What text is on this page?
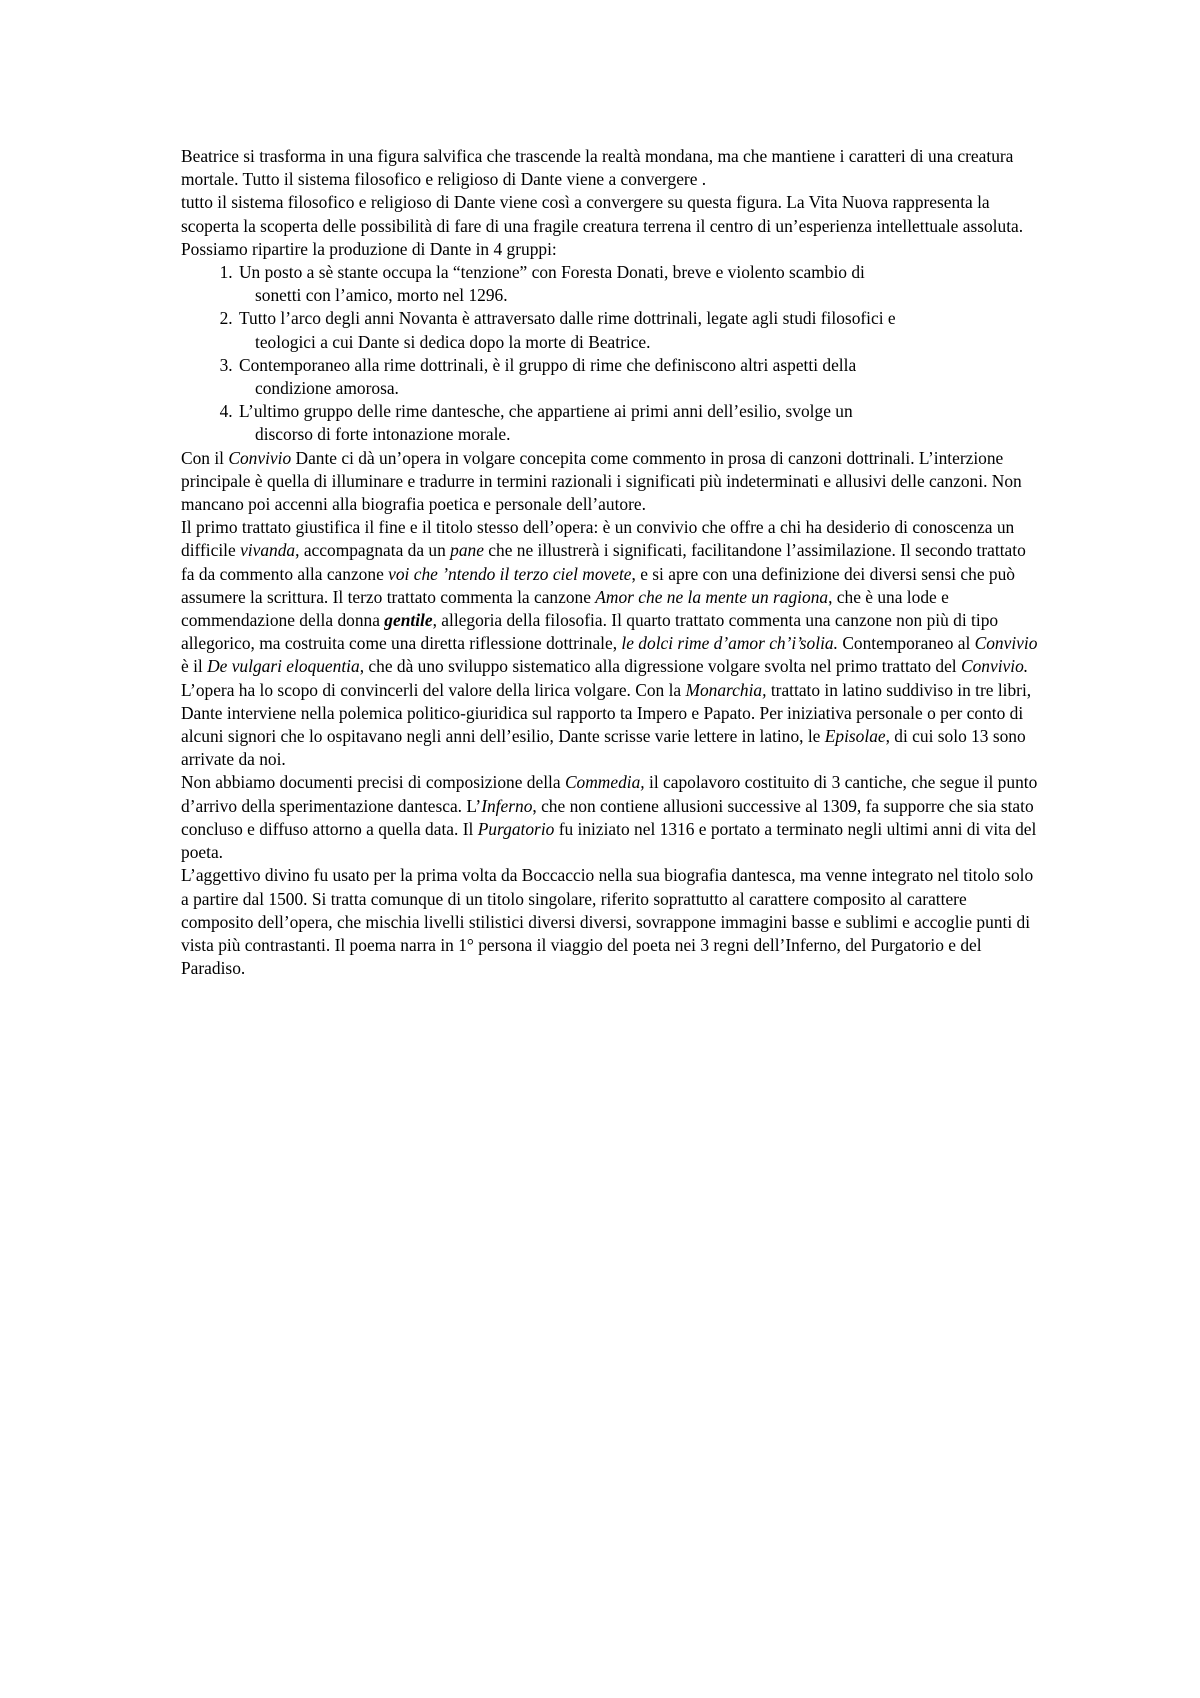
Beatrice si trasforma in una figura salvifica che trascende la realtà mondana, ma che mantiene i caratteri di una creatura mortale. Tutto il sistema filosofico e religioso di Dante viene a convergere .

tutto il sistema filosofico e religioso di Dante viene così a convergere su questa figura. La Vita Nuova rappresenta la scoperta la scoperta delle possibilità di fare di una fragile creatura terrena il centro di un’esperienza intellettuale assoluta. Possiamo ripartire la produzione di Dante in 4 gruppi:

1. Un posto a sè stante occupa la “tenzione” con Foresta Donati, breve e violento scambio di
sonetti con l’amico, morto nel 1296.
2. Tutto l’arco degli anni Novanta è attraversato dalle rime dottrinali, legate agli studi filosofici e
teologici a cui Dante si dedica dopo la morte di Beatrice.
3. Contemporaneo alla rime dottrinali, è il gruppo di rime che definiscono altri aspetti della
condizione amorosa.
4. L’ultimo gruppo delle rime dantesche, che appartiene ai primi anni dell’esilio, svolge un
discorso di forte intonazione morale.

Con il Convivio Dante ci dà un’opera in volgare concepita come commento in prosa di canzoni dottrinali. L’interzione principale è quella di illuminare e tradurre in termini razionali i significati più indeterminati e allusivi delle canzoni. Non mancano poi accenni alla biografia poetica e personale dell’autore.

Il primo trattato giustifica il fine e il titolo stesso dell’opera: è un convivio che offre a chi ha desiderio di conoscenza un difficile vivanda, accompagnata da un pane che ne illustrerà i significati, facilitandone l’assimilazione. Il secondo trattato fa da commento alla canzone voi che ’ntendo il terzo ciel movete, e si apre con una definizione dei diversi sensi che può assumere la scrittura. Il terzo trattato commenta la canzone Amor che ne la mente un ragiona, che è una lode e commendazione della donna gentile, allegoria della filosofia. Il quarto trattato commenta una canzone non più di tipo allegorico, ma costruita come una diretta riflessione dottrinale, le dolci rime d’amor ch’i’solia. Contemporaneo al Convivio è il De vulgari eloquentia, che dà uno sviluppo sistematico alla digressione volgare svolta nel primo trattato del Convivio. L’opera ha lo scopo di convincerli del valore della lirica volgare. Con la Monarchia, trattato in latino suddiviso in tre libri, Dante interviene nella polemica politico-giuridica sul rapporto ta Impero e Papato. Per iniziativa personale o per conto di alcuni signori che lo ospitavano negli anni dell’esilio, Dante scrisse varie lettere in latino, le Episolae, di cui solo 13 sono arrivate da noi.

Non abbiamo documenti precisi di composizione della Commedia, il capolavoro costituito di 3 cantiche, che segue il punto d’arrivo della sperimentazione dantesca. L’Inferno, che non contiene allusioni successive al 1309, fa supporre che sia stato concluso e diffuso attorno a quella data. Il Purgatorio fu iniziato nel 1316 e portato a terminato negli ultimi anni di vita del poeta.

L’aggettivo divino fu usato per la prima volta da Boccaccio nella sua biografia dantesca, ma venne integrato nel titolo solo a partire dal 1500. Si tratta comunque di un titolo singolare, riferito soprattutto al carattere composito al carattere composito dell’opera, che mischia livelli stilistici diversi diversi, sovrappone immagini basse e sublimi e accoglie punti di vista più contrastanti. Il poema narra in 1° persona il viaggio del poeta nei 3 regni dell’Inferno, del Purgatorio e del Paradiso.
